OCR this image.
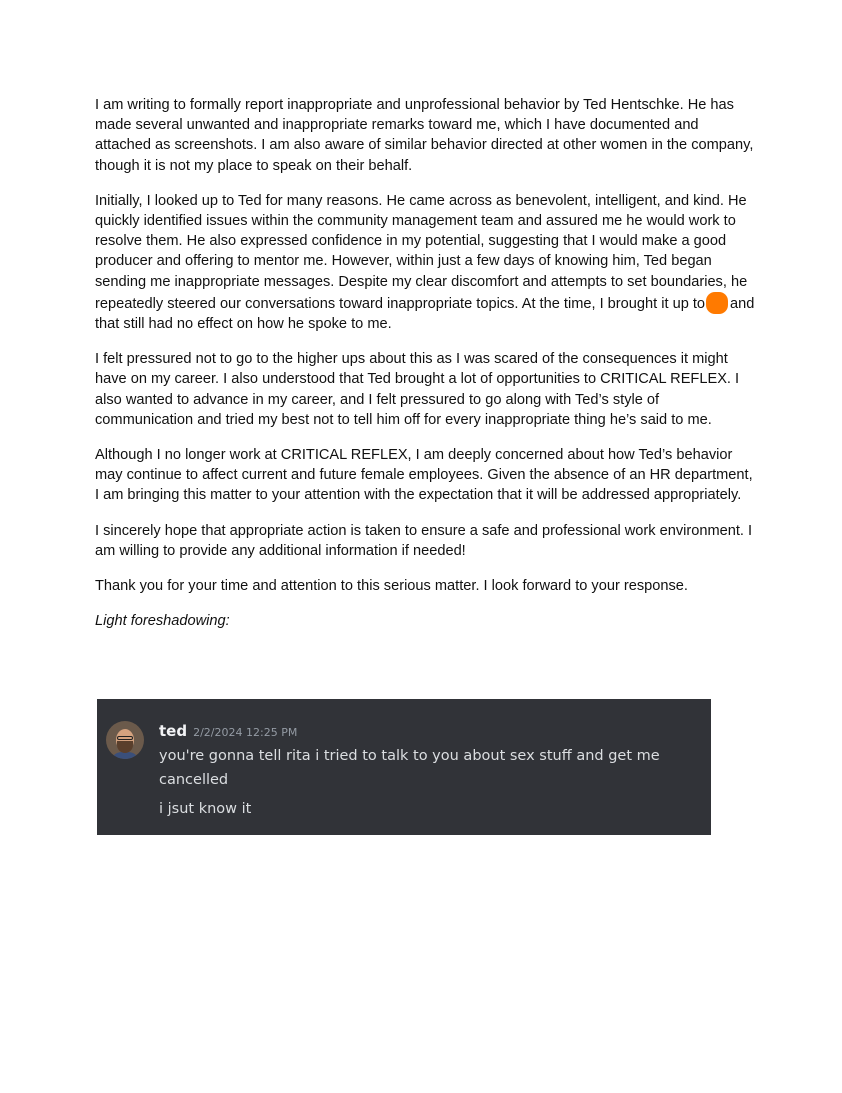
I am writing to formally report inappropriate and unprofessional behavior by Ted Hentschke. He has made several unwanted and inappropriate remarks toward me, which I have documented and attached as screenshots. I am also aware of similar behavior directed at other women in the company, though it is not my place to speak on their behalf.

Initially, I looked up to Ted for many reasons. He came across as benevolent, intelligent, and kind. He quickly identified issues within the community management team and assured me he would work to resolve them. He also expressed confidence in my potential, suggesting that I would make a good producer and offering to mentor me. However, within just a few days of knowing him, Ted began sending me inappropriate messages. Despite my clear discomfort and attempts to set boundaries, he repeatedly steered our conversations toward inappropriate topics. At the time, I brought it up to and that still had no effect on how he spoke to me.

I felt pressured not to go to the higher ups about this as I was scared of the consequences it might have on my career. I also understood that Ted brought a lot of opportunities to CRITICAL REFLEX. I also wanted to advance in my career, and I felt pressured to go along with Ted’s style of communication and tried my best not to tell him off for every inappropriate thing he’s said to me.

Although I no longer work at CRITICAL REFLEX, I am deeply concerned about how Ted’s behavior may continue to affect current and future female employees. Given the absence of an HR department, I am bringing this matter to your attention with the expectation that it will be addressed appropriately.

I sincerely hope that appropriate action is taken to ensure a safe and professional work environment. I am willing to provide any additional information if needed!

Thank you for your time and attention to this serious matter. I look forward to your response.

Light foreshadowing:

ted 2/2/2024 12:25 PM
you're gonna tell rita i tried to talk to you about sex stuff and get me cancelled
i jsut know it
